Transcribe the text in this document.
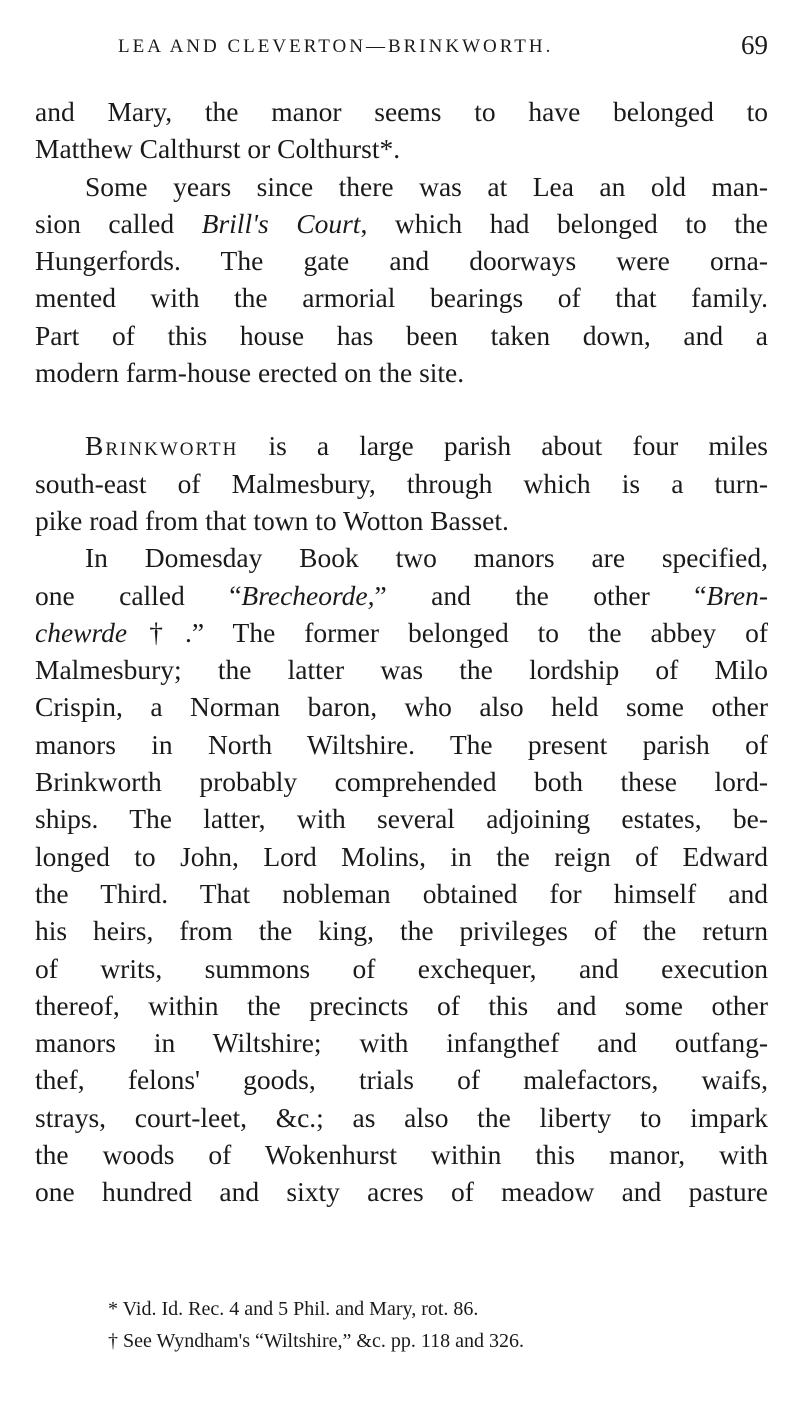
LEA AND CLEVERTON—BRINKWORTH.	69
and Mary, the manor seems to have belonged to
Matthew Calthurst or Colthurst*.
Some years since there was at Lea an old man-
sion called Brill's Court, which had belonged to the
Hungerfords. The gate and doorways were orna-
mented with the armorial bearings of that family.
Part of this house has been taken down, and a
modern farm-house erected on the site.
Brinkworth is a large parish about four miles
south-east of Malmesbury, through which is a turn-
pike road from that town to Wotton Basset.
In Domesday Book two manors are specified,
one called “Brecheorde,” and the other “Bren-
chewrde†.” The former belonged to the abbey of
Malmesbury; the latter was the lordship of Milo
Crispin, a Norman baron, who also held some other
manors in North Wiltshire. The present parish of
Brinkworth probably comprehended both these lord-
ships. The latter, with several adjoining estates, be-
longed to John, Lord Molins, in the reign of Edward
the Third. That nobleman obtained for himself and
his heirs, from the king, the privileges of the return
of writs, summons of exchequer, and execution
thereof, within the precincts of this and some other
manors in Wiltshire; with infangthef and outfang-
thef, felons' goods, trials of malefactors, waifs,
strays, court-leet, &c.; as also the liberty to impark
the woods of Wokenhurst within this manor, with
one hundred and sixty acres of meadow and pasture
* Vid. Id. Rec. 4 and 5 Phil. and Mary, rot. 86.
† See Wyndham's “Wiltshire,” &c. pp. 118 and 326.
